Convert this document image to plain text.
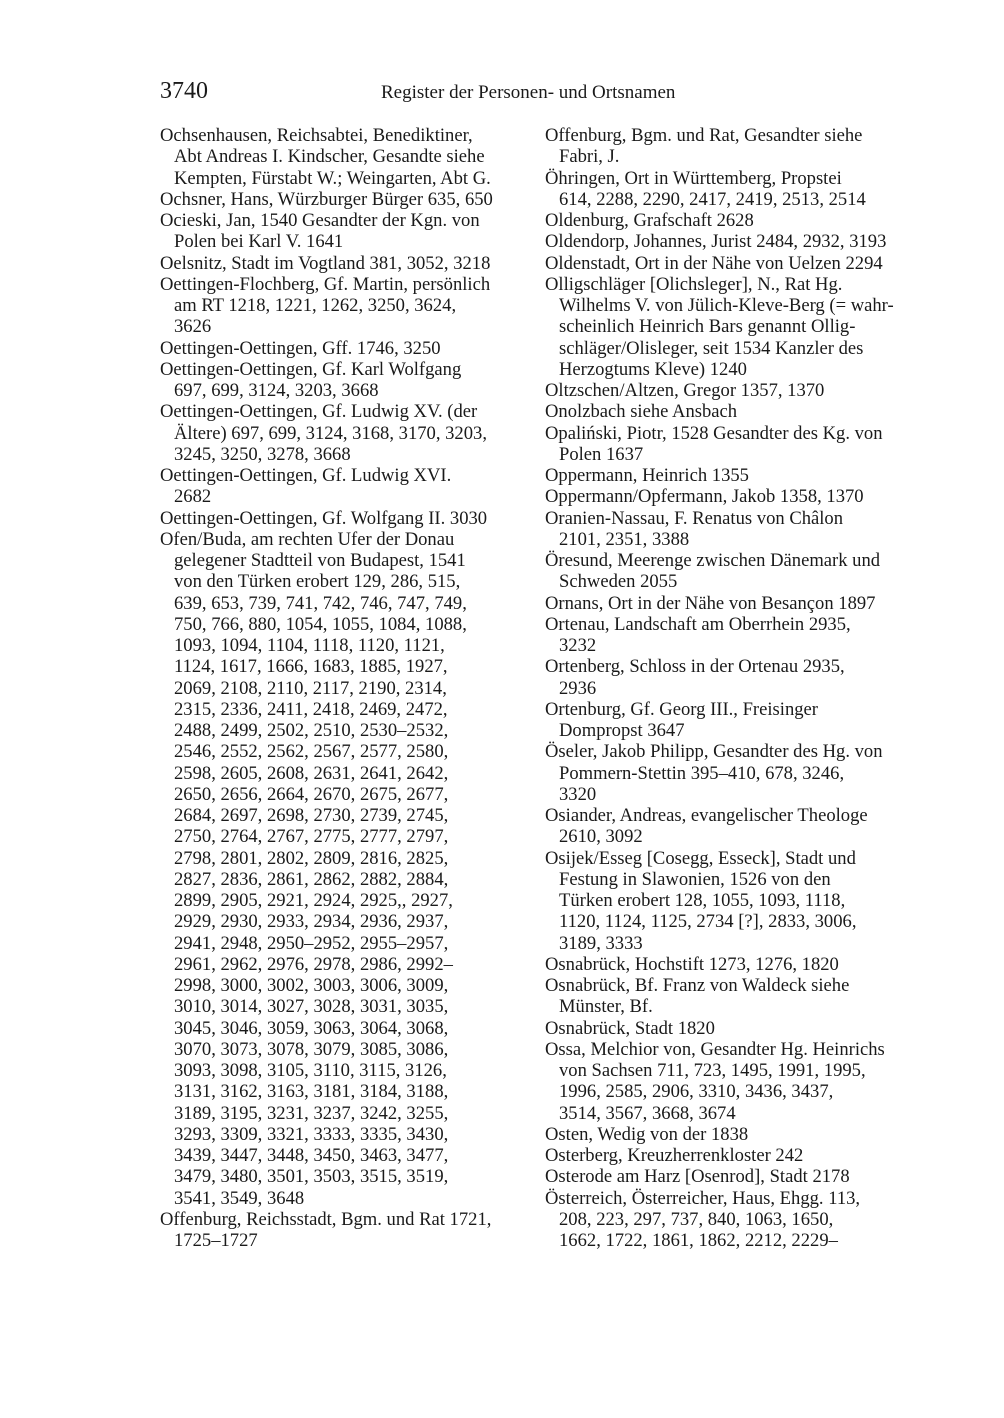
3740	Register der Personen- und Ortsnamen
Ochsenhausen, Reichsabtei, Benediktiner,
Abt Andreas I. Kindscher, Gesandte siehe
Kempten, Fürstabt W.; Weingarten, Abt G.
Ochsner, Hans, Würzburger Bürger 635, 650
Ocieski, Jan, 1540 Gesandter der Kgn. von
Polen bei Karl V. 1641
Oelsnitz, Stadt im Vogtland 381, 3052, 3218
Oettingen-Flochberg, Gf. Martin, persönlich
am RT 1218, 1221, 1262, 3250, 3624,
3626
Oettingen-Oettingen, Gff. 1746, 3250
Oettingen-Oettingen, Gf. Karl Wolfgang
697, 699, 3124, 3203, 3668
Oettingen-Oettingen, Gf. Ludwig XV. (der
Ältere) 697, 699, 3124, 3168, 3170, 3203,
3245, 3250, 3278, 3668
Oettingen-Oettingen, Gf. Ludwig XVI.
2682
Oettingen-Oettingen, Gf. Wolfgang II. 3030
Ofen/Buda, am rechten Ufer der Donau
gelegener Stadtteil von Budapest, 1541
von den Türken erobert 129, 286, 515,
639, 653, 739, 741, 742, 746, 747, 749,
750, 766, 880, 1054, 1055, 1084, 1088,
1093, 1094, 1104, 1118, 1120, 1121,
1124, 1617, 1666, 1683, 1885, 1927,
2069, 2108, 2110, 2117, 2190, 2314,
2315, 2336, 2411, 2418, 2469, 2472,
2488, 2499, 2502, 2510, 2530–2532,
2546, 2552, 2562, 2567, 2577, 2580,
2598, 2605, 2608, 2631, 2641, 2642,
2650, 2656, 2664, 2670, 2675, 2677,
2684, 2697, 2698, 2730, 2739, 2745,
2750, 2764, 2767, 2775, 2777, 2797,
2798, 2801, 2802, 2809, 2816, 2825,
2827, 2836, 2861, 2862, 2882, 2884,
2899, 2905, 2921, 2924, 2925,, 2927,
2929, 2930, 2933, 2934, 2936, 2937,
2941, 2948, 2950–2952, 2955–2957,
2961, 2962, 2976, 2978, 2986, 2992–
2998, 3000, 3002, 3003, 3006, 3009,
3010, 3014, 3027, 3028, 3031, 3035,
3045, 3046, 3059, 3063, 3064, 3068,
3070, 3073, 3078, 3079, 3085, 3086,
3093, 3098, 3105, 3110, 3115, 3126,
3131, 3162, 3163, 3181, 3184, 3188,
3189, 3195, 3231, 3237, 3242, 3255,
3293, 3309, 3321, 3333, 3335, 3430,
3439, 3447, 3448, 3450, 3463, 3477,
3479, 3480, 3501, 3503, 3515, 3519,
3541, 3549, 3648
Offenburg, Reichsstadt, Bgm. und Rat 1721,
1725–1727
Offenburg, Bgm. und Rat, Gesandter siehe
Fabri, J.
Öhringen, Ort in Württemberg, Propstei
614, 2288, 2290, 2417, 2419, 2513, 2514
Oldenburg, Grafschaft 2628
Oldendorp, Johannes, Jurist 2484, 2932, 3193
Oldenstadt, Ort in der Nähe von Uelzen 2294
Olligschläger [Olichsleger], N., Rat Hg.
Wilhelms V. von Jülich-Kleve-Berg (= wahr-
scheinlich Heinrich Bars genannt Ollig-
schläger/Olisleger, seit 1534 Kanzler des
Herzogtums Kleve) 1240
Oltzschen/Altzen, Gregor 1357, 1370
Onolzbach siehe Ansbach
Opaliński, Piotr, 1528 Gesandter des Kg. von
Polen 1637
Oppermann, Heinrich 1355
Oppermann/Opfermann, Jakob 1358, 1370
Oranien-Nassau, F. Renatus von Châlon
2101, 2351, 3388
Öresund, Meerenge zwischen Dänemark und
Schweden 2055
Ornans, Ort in der Nähe von Besançon 1897
Ortenau, Landschaft am Oberrhein 2935,
3232
Ortenberg, Schloss in der Ortenau 2935,
2936
Ortenburg, Gf. Georg III., Freisinger
Dompropst 3647
Öseler, Jakob Philipp, Gesandter des Hg. von
Pommern-Stettin 395–410, 678, 3246,
3320
Osiander, Andreas, evangelischer Theologe
2610, 3092
Osijek/Esseg [Cosegg, Esseck], Stadt und
Festung in Slawonien, 1526 von den
Türken erobert 128, 1055, 1093, 1118,
1120, 1124, 1125, 2734 [?], 2833, 3006,
3189, 3333
Osnabrück, Hochstift 1273, 1276, 1820
Osnabrück, Bf. Franz von Waldeck siehe
Münster, Bf.
Osnabrück, Stadt 1820
Ossa, Melchior von, Gesandter Hg. Heinrichs
von Sachsen 711, 723, 1495, 1991, 1995,
1996, 2585, 2906, 3310, 3436, 3437,
3514, 3567, 3668, 3674
Osten, Wedig von der 1838
Osterberg, Kreuzherrenkloster 242
Osterode am Harz [Osenrod], Stadt 2178
Österreich, Österreicher, Haus, Ehgg. 113,
208, 223, 297, 737, 840, 1063, 1650,
1662, 1722, 1861, 1862, 2212, 2229–
